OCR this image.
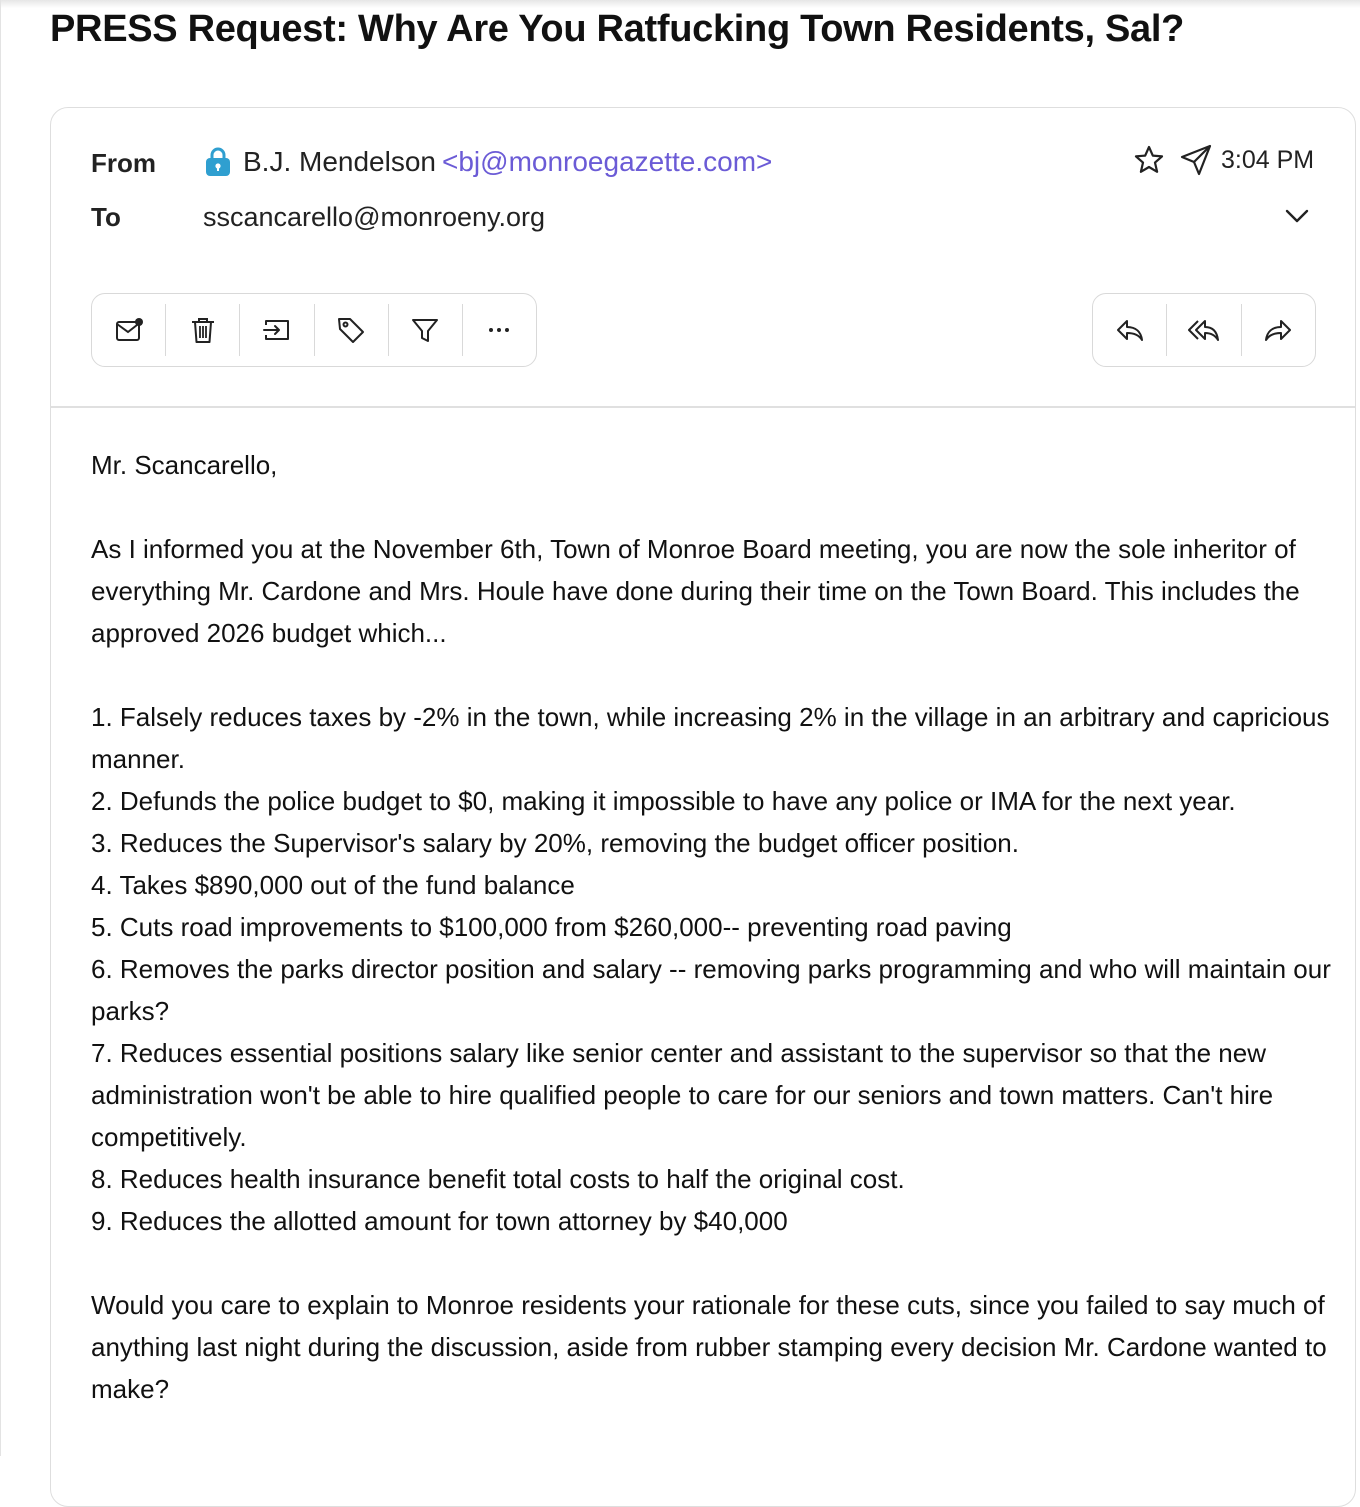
PRESS Request: Why Are You Ratfucking Town Residents, Sal?
From
To
B.J. Mendelson <bj@monroegazette.com>
sscancarello@monroeny.org
3:04 PM

Mr. Scancarello,

As I informed you at the November 6th, Town of Monroe Board meeting, you are now the sole inheritor of everything Mr. Cardone and Mrs. Houle have done during their time on the Town Board. This includes the approved 2026 budget which...

1. Falsely reduces taxes by -2% in the town, while increasing 2% in the village in an arbitrary and capricious manner.

2. Defunds the police budget to $0, making it impossible to have any police or IMA for the next year.

3. Reduces the Supervisor's salary by 20%, removing the budget officer position.

4. Takes $890,000 out of the fund balance

5. Cuts road improvements to $100,000 from $260,000-- preventing road paving

6. Removes the parks director position and salary -- removing parks programming and who will maintain our parks?

7. Reduces essential positions salary like senior center and assistant to the supervisor so that the new administration won't be able to hire qualified people to care for our seniors and town matters. Can't hire competitively.

8. Reduces health insurance benefit total costs to half the original cost.

9. Reduces the allotted amount for town attorney by $40,000

Would you care to explain to Monroe residents your rationale for these cuts, since you failed to say much of anything last night during the discussion, aside from rubber stamping every decision Mr. Cardone wanted to make?
